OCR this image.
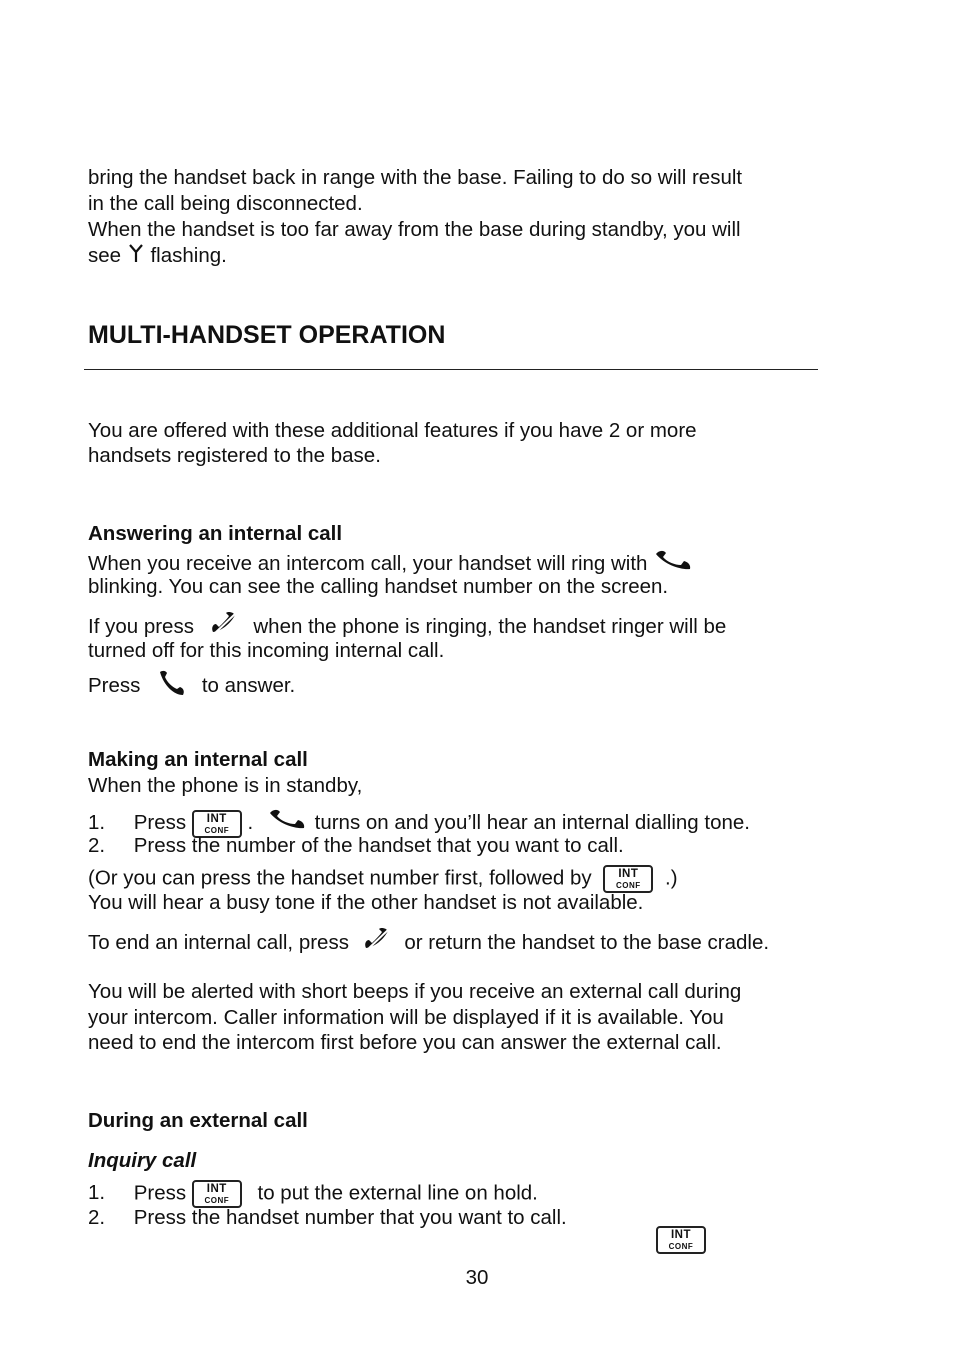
bring the handset back in range with the base. Failing to do so will result
in the call being disconnected.
When the handset is too far away from the base during standby, you will
see flashing.
MULTI-HANDSET OPERATION
You are offered with these additional features if you have 2 or more
handsets registered to the base.
Answering an internal call
When you receive an intercom call, your handset will ring with
blinking. You can see the calling handset number on the screen.
If you press	when the phone is ringing, the handset ringer will be
turned off for this incoming internal call.
Press	to answer.
Making an internal call
When the phone is in standby,
1. Press	INT
CONF .	turns on and you’ll hear an internal dialling tone.
2. Press the number of the handset that you want to call.
(Or you can press the handset number first, followed by	INT
CONF	.)
You will hear a busy tone if the other handset is not available.
To end an internal call, press	or return the handset to the base cradle.
You will be alerted with short beeps if you receive an external call during
your intercom. Caller information will be displayed if it is available. You
need to end the intercom first before you can answer the external call.
During an external call
Inquiry call
1. Press	INT
CONF	to put the external line on hold.
2. Press the handset number that you want to call.
INT
CONF
30
